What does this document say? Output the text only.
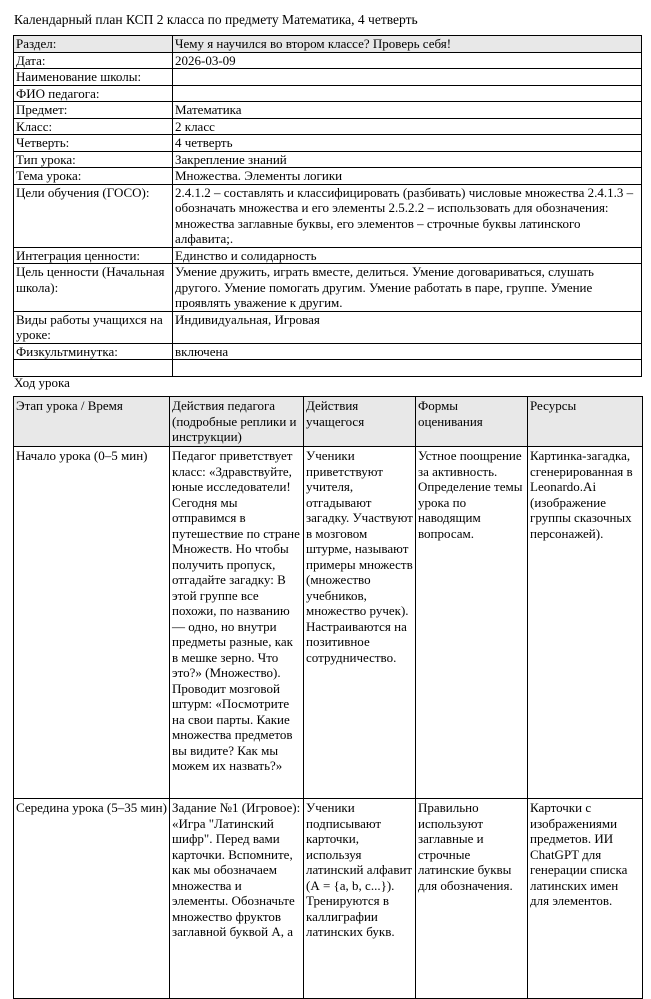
Календарный план КСП 2 класса по предмету Математика, 4 четверть
Раздел:	Чему я научился во втором классе? Проверь себя!
Дата:	2026-03-09
Наименование школы:	
ФИО педагога:	
Предмет:	Математика
Класс:	2 класс
Четверть:	4 четверть
Тип урока:	Закрепление знаний
Тема урока:	Множества. Элементы логики
Цели обучения (ГОСО):	2.4.1.2 – составлять и классифицировать (разбивать) числовые множества 2.4.1.3 – обозначать множества и его элементы 2.5.2.2 – использовать для обозначения: множества заглавные буквы, его элементов – строчные буквы латинского алфавита;.
Интеграция ценности:	Единство и солидарность
Цель ценности (Начальная школа):	Умение дружить, играть вместе, делиться. Умение договариваться, слушать другого. Умение помогать другим. Умение работать в паре, группе. Умение проявлять уважение к другим.
Виды работы учащихся на уроке:	Индивидуальная, Игровая
Физкультминутка:	включена

Ход урока
Этап урока / Время	Действия педагога (подробные реплики и инструкции)	Действия учащегося	Формы оценивания	Ресурсы
Начало урока (0–5 мин)	Педагог приветствует класс: «Здравствуйте, юные исследователи! Сегодня мы отправимся в путешествие по стране Множеств. Но чтобы получить пропуск, отгадайте загадку: В этой группе все похожи, по названию — одно, но внутри предметы разные, как в мешке зерно. Что это?» (Множество). Проводит мозговой штурм: «Посмотрите на свои парты. Какие множества предметов вы видите? Как мы можем их назвать?»	Ученики приветствуют учителя, отгадывают загадку. Участвуют в мозговом штурме, называют примеры множеств (множество учебников, множество ручек). Настраиваются на позитивное сотрудничество.	Устное поощрение за активность. Определение темы урока по наводящим вопросам.	Картинка-загадка, сгенерированная в Leonardo.Ai (изображение группы сказочных персонажей).
Середина урока (5–35 мин)	Задание №1 (Игровое): «Игра "Латинский шифр". Перед вами карточки. Вспомните, как мы обозначаем множества и элементы. Обозначьте множество фруктов заглавной буквой А, а	Ученики подписывают карточки, используя латинский алфавит (А = {a, b, c...}). Тренируются в каллиграфии латинских букв.	Правильно используют заглавные и строчные латинские буквы для обозначения.	Карточки с изображениями предметов. ИИ ChatGPT для генерации списка латинских имен для элементов.
